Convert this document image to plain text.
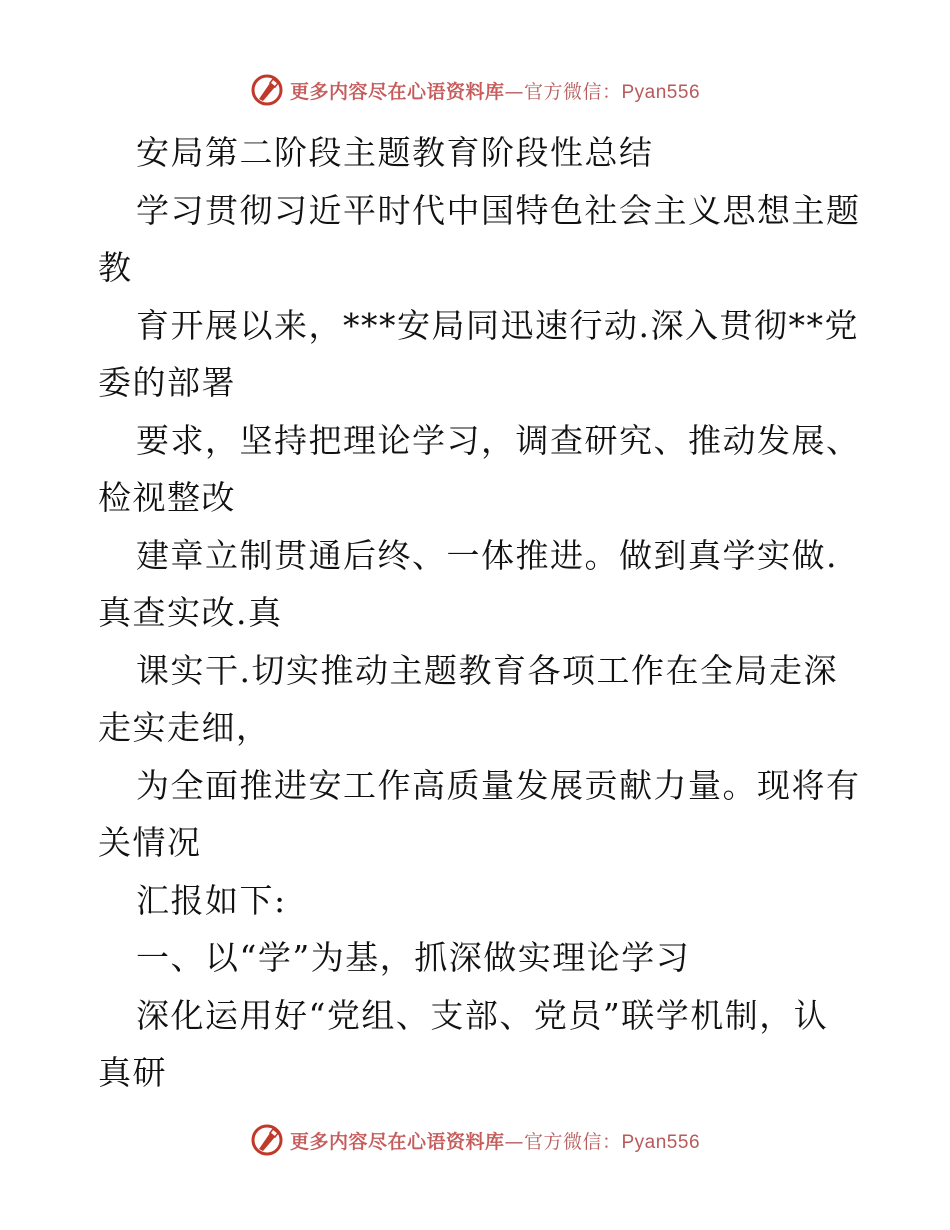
更多内容尽在心语资料库—官方微信：Pyan556
安局第二阶段主题教育阶段性总结
学习贯彻习近平时代中国特色社会主义思想主题
教
育开展以来，***安局同迅速行动.深入贯彻**党
委的部署
要求，坚持把理论学习，调查研究、推动发展、
检视整改
建章立制贯通后终、一体推进。做到真学实做.
真查实改.真
课实干.切实推动主题教育各项工作在全局走深
走实走细，
为全面推进安工作高质量发展贡献力量。现将有
关情况
汇报如下:
一、以“学”为基，抓深做实理论学习
深化运用好“党组、支部、党员”联学机制，认
真研
更多内容尽在心语资料库—官方微信：Pyan556
